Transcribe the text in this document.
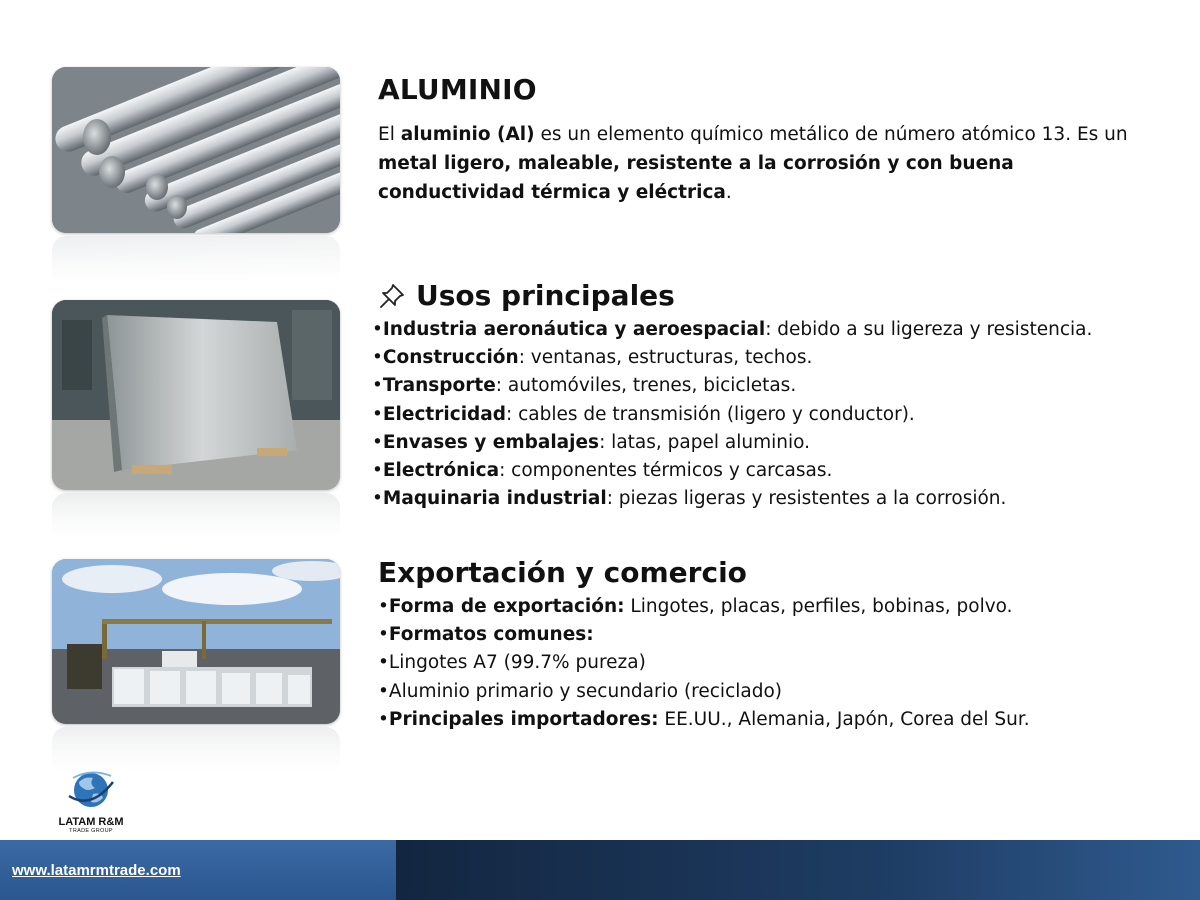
ALUMINIO

El aluminio (Al) es un elemento químico metálico de número atómico 13. Es un metal ligero, maleable, resistente a la corrosión y con buena conductividad térmica y eléctrica.

Usos principales
•Industria aeronáutica y aeroespacial: debido a su ligereza y resistencia.
•Construcción: ventanas, estructuras, techos.
•Transporte: automóviles, trenes, bicicletas.
•Electricidad: cables de transmisión (ligero y conductor).
•Envases y embalajes: latas, papel aluminio.
•Electrónica: componentes térmicos y carcasas.
•Maquinaria industrial: piezas ligeras y resistentes a la corrosión.
Exportación y comercio
•Forma de exportación: Lingotes, placas, perfiles, bobinas, polvo.
•Formatos comunes:
•Lingotes A7 (99.7% pureza)
•Aluminio primario y secundario (reciclado)
•Principales importadores: EE.UU., Alemania, Japón, Corea del Sur.
LATAM R&M
TRADE GROUP
www.latamrmtrade.com
